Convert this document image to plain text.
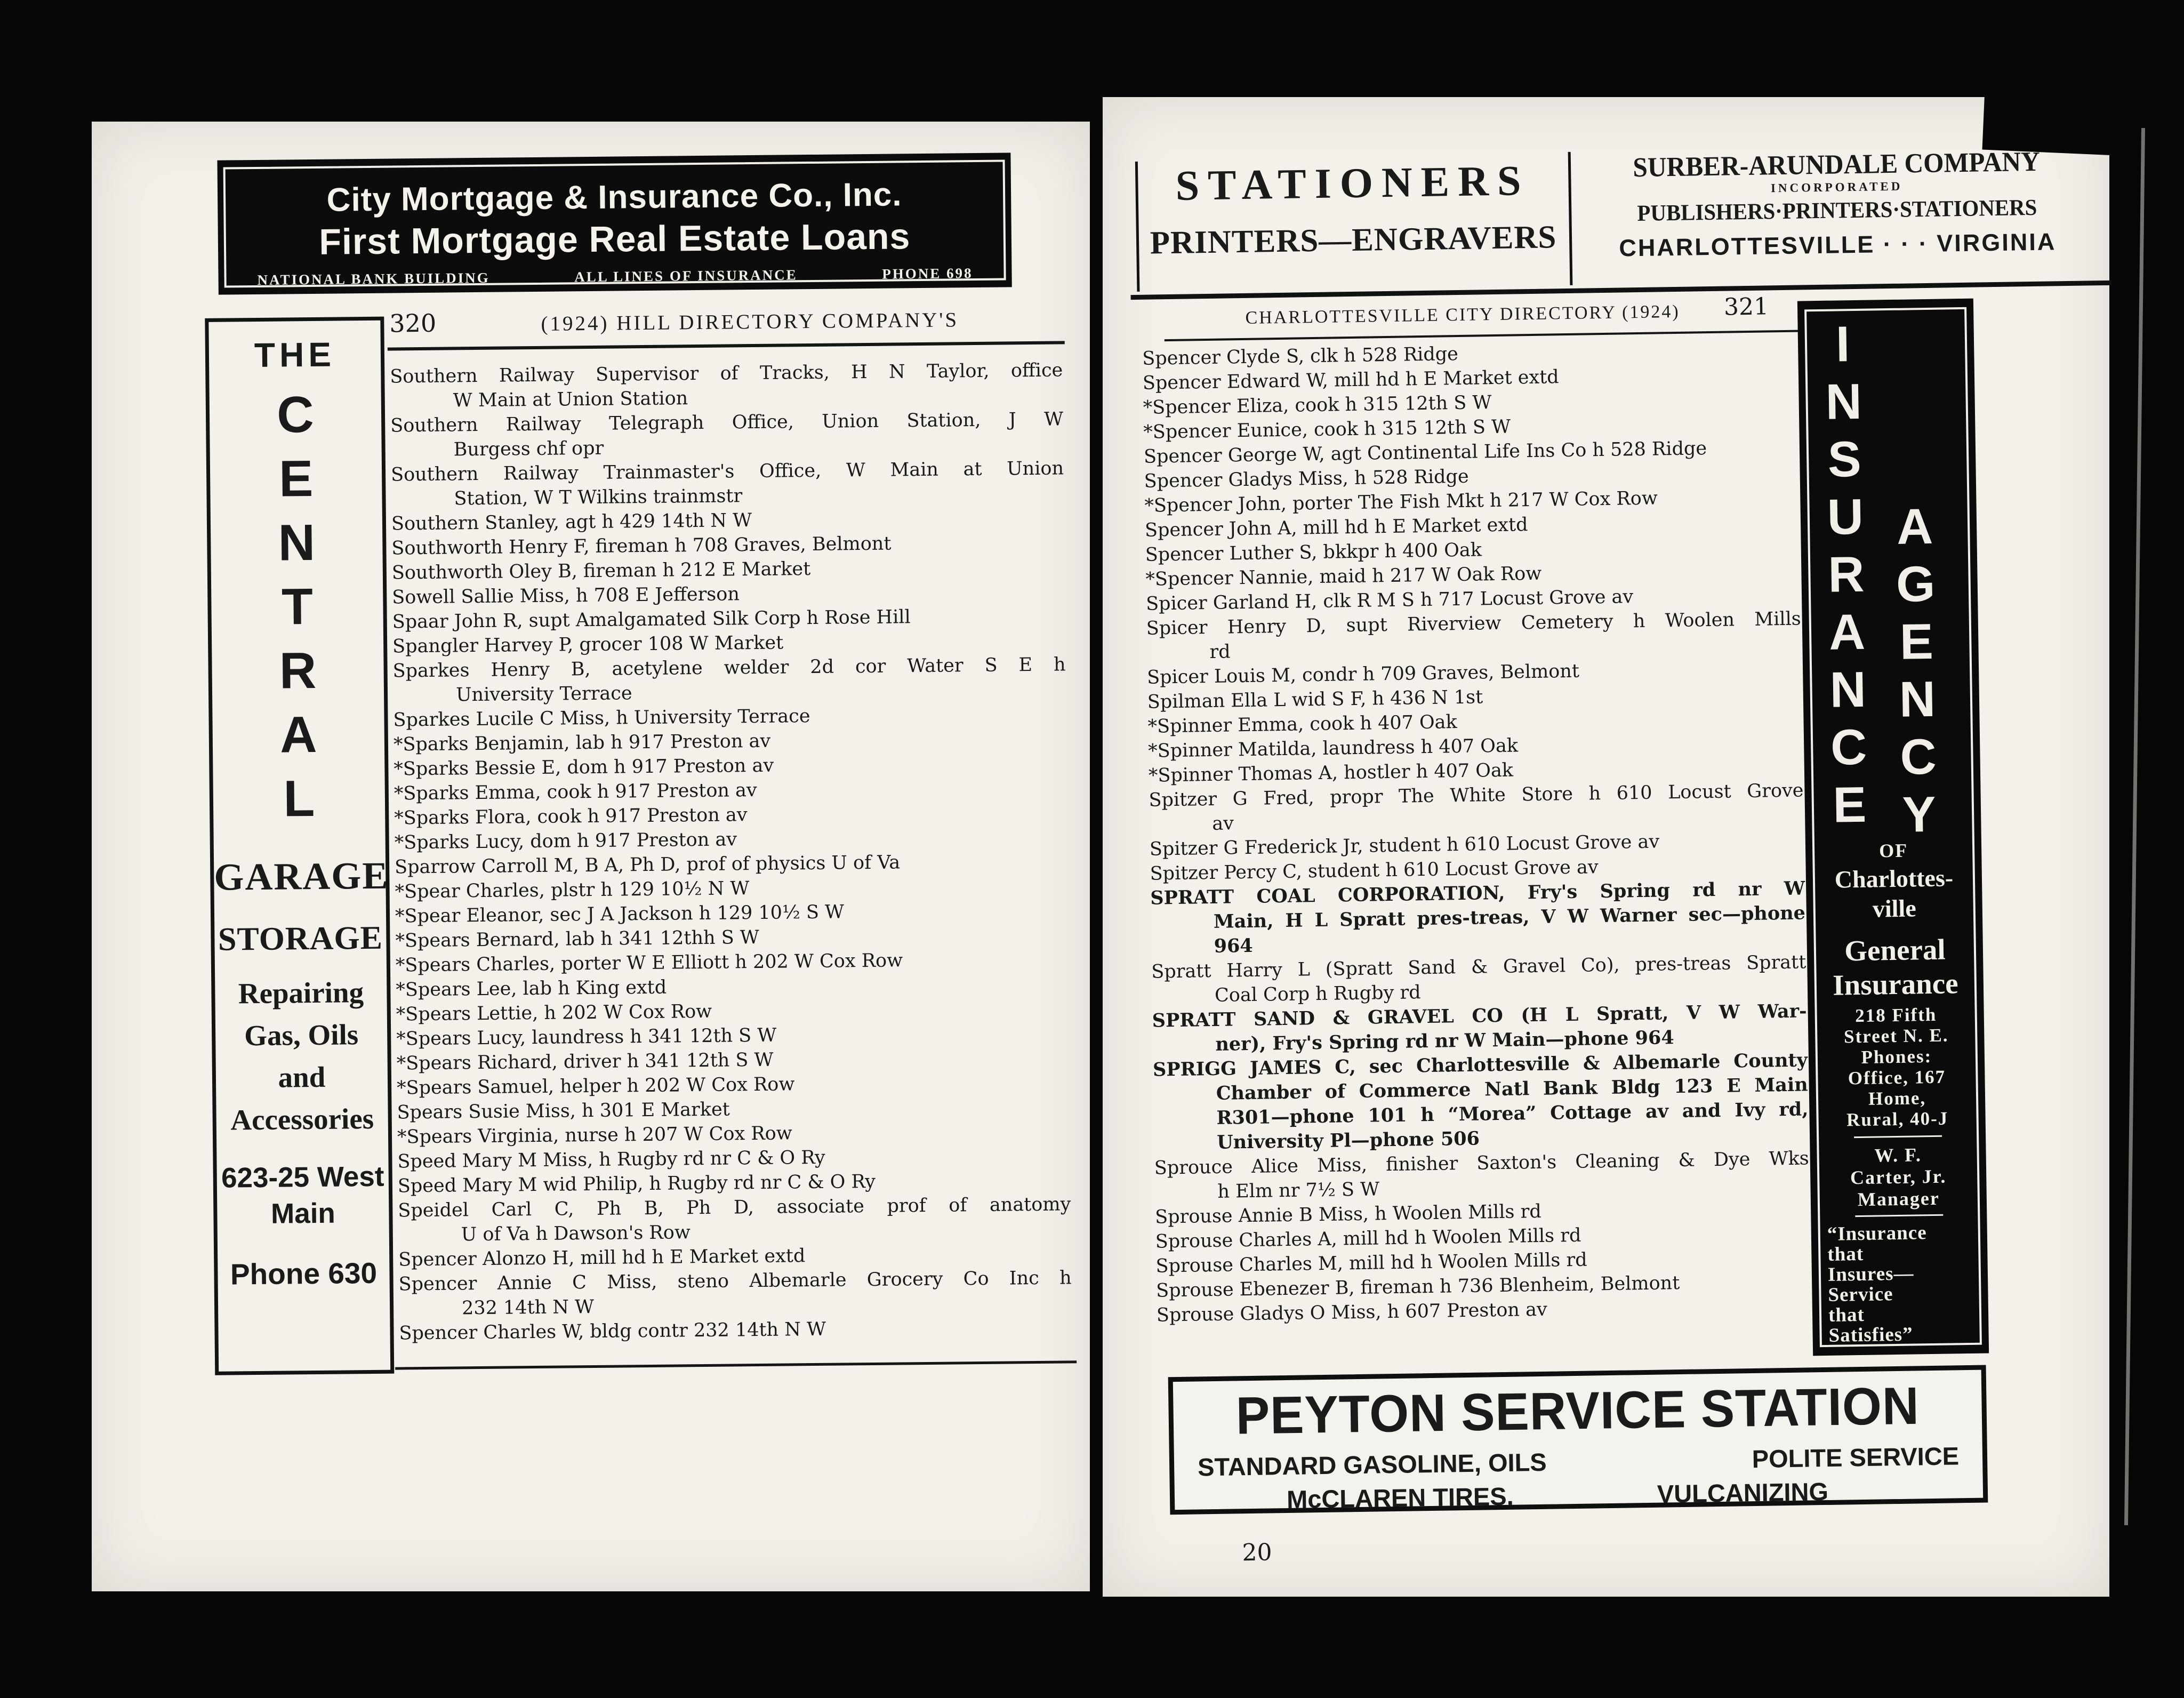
City Mortgage & Insurance Co., Inc.
First Mortgage Real Estate Loans
NATIONAL BANK BUILDING	ALL LINES OF INSURANCE	PHONE 698
320	(1924) HILL DIRECTORY COMPANY'S
THE
C
E
N
T
R
A
L
GARAGE
STORAGE
Repairing
Gas, Oils
and
Accessories
623-25 West
Main
Phone 630
Southern Railway Supervisor of Tracks, H N Taylor, office
W Main at Union Station
Southern Railway Telegraph Office, Union Station, J W
Burgess chf opr
Southern Railway Trainmaster's Office, W Main at Union
Station, W T Wilkins trainmstr
Southern Stanley, agt h 429 14th N W
Southworth Henry F, fireman h 708 Graves, Belmont
Southworth Oley B, fireman h 212 E Market
Sowell Sallie Miss, h 708 E Jefferson
Spaar John R, supt Amalgamated Silk Corp h Rose Hill
Spangler Harvey P, grocer 108 W Market
Sparkes Henry B, acetylene welder 2d cor Water S E h
University Terrace
Sparkes Lucile C Miss, h University Terrace
*Sparks Benjamin, lab h 917 Preston av
*Sparks Bessie E, dom h 917 Preston av
*Sparks Emma, cook h 917 Preston av
*Sparks Flora, cook h 917 Preston av
*Sparks Lucy, dom h 917 Preston av
Sparrow Carroll M, B A, Ph D, prof of physics U of Va
*Spear Charles, plstr h 129 10½ N W
*Spear Eleanor, sec J A Jackson h 129 10½ S W
*Spears Bernard, lab h 341 12thh S W
*Spears Charles, porter W E Elliott h 202 W Cox Row
*Spears Lee, lab h King extd
*Spears Lettie, h 202 W Cox Row
*Spears Lucy, laundress h 341 12th S W
*Spears Richard, driver h 341 12th S W
*Spears Samuel, helper h 202 W Cox Row
Spears Susie Miss, h 301 E Market
*Spears Virginia, nurse h 207 W Cox Row
Speed Mary M Miss, h Rugby rd nr C & O Ry
Speed Mary M wid Philip, h Rugby rd nr C & O Ry
Speidel Carl C, Ph B, Ph D, associate prof of anatomy
U of Va h Dawson's Row
Spencer Alonzo H, mill hd h E Market extd
Spencer Annie C Miss, steno Albemarle Grocery Co Inc h
232 14th N W
Spencer Charles W, bldg contr 232 14th N W
STATIONERS
PRINTERS—ENGRAVERS
SURBER-ARUNDALE COMPANY
INCORPORATED
PUBLISHERS·PRINTERS·STATIONERS
CHARLOTTESVILLE · · · VIRGINIA
CHARLOTTESVILLE CITY DIRECTORY (1924)	321
Spencer Clyde S, clk h 528 Ridge
Spencer Edward W, mill hd h E Market extd
*Spencer Eliza, cook h 315 12th S W
*Spencer Eunice, cook h 315 12th S W
Spencer George W, agt Continental Life Ins Co h 528 Ridge
Spencer Gladys Miss, h 528 Ridge
*Spencer John, porter The Fish Mkt h 217 W Cox Row
Spencer John A, mill hd h E Market extd
Spencer Luther S, bkkpr h 400 Oak
*Spencer Nannie, maid h 217 W Oak Row
Spicer Garland H, clk R M S h 717 Locust Grove av
Spicer Henry D, supt Riverview Cemetery h Woolen Mills
rd
Spicer Louis M, condr h 709 Graves, Belmont
Spilman Ella L wid S F, h 436 N 1st
*Spinner Emma, cook h 407 Oak
*Spinner Matilda, laundress h 407 Oak
*Spinner Thomas A, hostler h 407 Oak
Spitzer G Fred, propr The White Store h 610 Locust Grove
av
Spitzer G Frederick Jr, student h 610 Locust Grove av
Spitzer Percy C, student h 610 Locust Grove av
SPRATT COAL CORPORATION, Fry's Spring rd nr W
Main, H L Spratt pres-treas, V W Warner sec—phone
964
Spratt Harry L (Spratt Sand & Gravel Co), pres-treas Spratt
Coal Corp h Rugby rd
SPRATT SAND & GRAVEL CO (H L Spratt, V W War-
ner), Fry's Spring rd nr W Main—phone 964
SPRIGG JAMES C, sec Charlottesville & Albemarle County
Chamber of Commerce Natl Bank Bldg 123 E Main
R301—phone 101 h “Morea” Cottage av and Ivy rd,
University Pl—phone 506
Sprouce Alice Miss, finisher Saxton's Cleaning & Dye Wks
h Elm nr 7½ S W
Sprouse Annie B Miss, h Woolen Mills rd
Sprouse Charles A, mill hd h Woolen Mills rd
Sprouse Charles M, mill hd h Woolen Mills rd
Sprouse Ebenezer B, fireman h 736 Blenheim, Belmont
Sprouse Gladys O Miss, h 607 Preston av
I
N
S
U
R
A
N
C
E
A
G
E
N
C
Y
OF
Charlottes-
ville
General
Insurance
218 Fifth
Street N. E.
Phones:
Office, 167
Home,
Rural, 40-J
W. F.
Carter, Jr.
Manager
“Insurance
that
Insures—
Service
that
Satisfies”
PEYTON SERVICE STATION
STANDARD GASOLINE, OILS	POLITE SERVICE
McCLAREN TIRES.	VULCANIZING
20
